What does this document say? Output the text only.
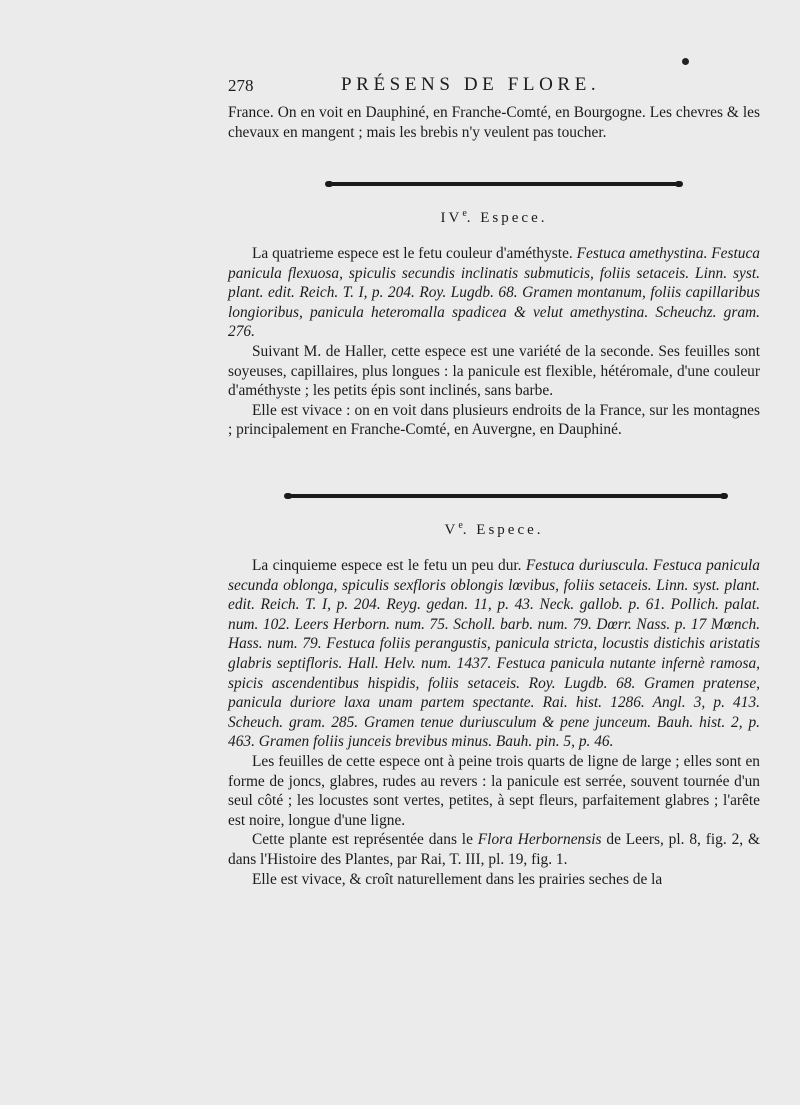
278	PRÉSENS DE FLORE.

France. On en voit en Dauphiné, en Franche-Comté, en Bourgogne. Les chevres & les chevaux en mangent ; mais les brebis n'y veulent pas toucher.

IVe. Espece.

La quatrieme espece est le fetu couleur d'améthyste. Festuca amethystina. Festuca panicula flexuosa, spiculis secundis inclinatis submuticis, foliis setaceis. Linn. syst. plant. edit. Reich. T. I, p. 204. Roy. Lugdb. 68. Gramen montanum, foliis capillaribus longioribus, panicula heteromalla spadicea & velut amethystina. Scheuchz. gram. 276.

Suivant M. de Haller, cette espece est une variété de la seconde. Ses feuilles sont soyeuses, capillaires, plus longues : la panicule est flexible, hétéromale, d'une couleur d'améthyste ; les petits épis sont inclinés, sans barbe.

Elle est vivace : on en voit dans plusieurs endroits de la France, sur les montagnes ; principalement en Franche-Comté, en Auvergne, en Dauphiné.

Ve. Espece.

La cinquieme espece est le fetu un peu dur. Festuca duriuscula. Festuca panicula secunda oblonga, spiculis sexfloris oblongis lœvibus, foliis setaceis. Linn. syst. plant. edit. Reich. T. I, p. 204. Reyg. gedan. 11, p. 43. Neck. gallob. p. 61. Pollich. palat. num. 102. Leers Herborn. num. 75. Scholl. barb. num. 79. Dœrr. Nass. p. 17 Mœnch. Hass. num. 79. Festuca foliis perangustis, panicula stricta, locustis distichis aristatis glabris septifloris. Hall. Helv. num. 1437. Festuca panicula nutante infernè ramosa, spicis ascendentibus hispidis, foliis setaceis. Roy. Lugdb. 68. Gramen pratense, panicula duriore laxa unam partem spectante. Rai. hist. 1286. Angl. 3, p. 413. Scheuch. gram. 285. Gramen tenue duriusculum & pene junceum. Bauh. hist. 2, p. 463. Gramen foliis junceis brevibus minus. Bauh. pin. 5, p. 46.

Les feuilles de cette espece ont à peine trois quarts de ligne de large ; elles sont en forme de joncs, glabres, rudes au revers : la panicule est serrée, souvent tournée d'un seul côté ; les locustes sont vertes, petites, à sept fleurs, parfaitement glabres ; l'arête est noire, longue d'une ligne.

Cette plante est représentée dans le Flora Herbornensis de Leers, pl. 8, fig. 2, & dans l'Histoire des Plantes, par Rai, T. III, pl. 19, fig. 1.

Elle est vivace, & croît naturellement dans les prairies seches de la
